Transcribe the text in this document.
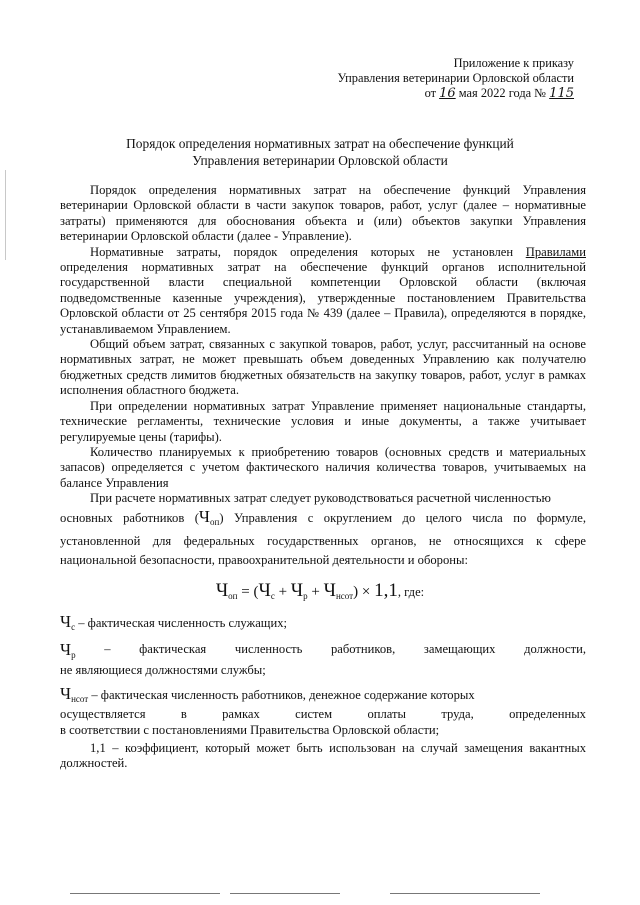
Приложение к приказу
Управления ветеринарии Орловской области
от 16 мая 2022 года № 115
Порядок определения нормативных затрат на обеспечение функций
Управления ветеринарии Орловской области

Порядок определения нормативных затрат на обеспечение функций Управления ветеринарии Орловской области в части закупок товаров, работ, услуг (далее – нормативные затраты) применяются для обоснования объекта и (или) объектов закупки Управления ветеринарии Орловской области (далее - Управление).

Нормативные затраты, порядок определения которых не установлен Правилами определения нормативных затрат на обеспечение функций органов исполнительной государственной власти специальной компетенции Орловской области (включая подведомственные казенные учреждения), утвержденные постановлением Правительства Орловской области от 25 сентября 2015 года № 439 (далее – Правила), определяются в порядке, устанавливаемом Управлением.

Общий объем затрат, связанных с закупкой товаров, работ, услуг, рассчитанный на основе нормативных затрат, не может превышать объем доведенных Управлению как получателю бюджетных средств лимитов бюджетных обязательств на закупку товаров, работ, услуг в рамках исполнения областного бюджета.

При определении нормативных затрат Управление применяет национальные стандарты, технические регламенты, технические условия и иные документы, а также учитывает регулируемые цены (тарифы).

Количество планируемых к приобретению товаров (основных средств и материальных запасов) определяется с учетом фактического наличия количества товаров, учитываемых на балансе Управления

При расчете нормативных затрат следует руководствоваться расчетной численностью

основных работников $(Ч_{оп})$ Управления с округлением до целого числа по формуле, установленной для федеральных государственных органов, не относящихся к сфере национальной безопасности, правоохранительной деятельности и обороны:

$Ч_{оп} = (Ч_с + Ч_р + Ч_{нсот}) \times 1,1$, где:

$Ч_с$ – фактическая численность служащих;

$Ч_р$ – фактическая численность работников, замещающих должности,

не являющиеся должностями службы;

$Ч_{нсот}$ – фактическая численность работников, денежное содержание которых

осуществляется	в	рамках	систем	оплаты	труда,	определенных

в соответствии с постановлениями Правительства Орловской области;

1,1 – коэффициент, который может быть использован на случай замещения вакантных должностей.
